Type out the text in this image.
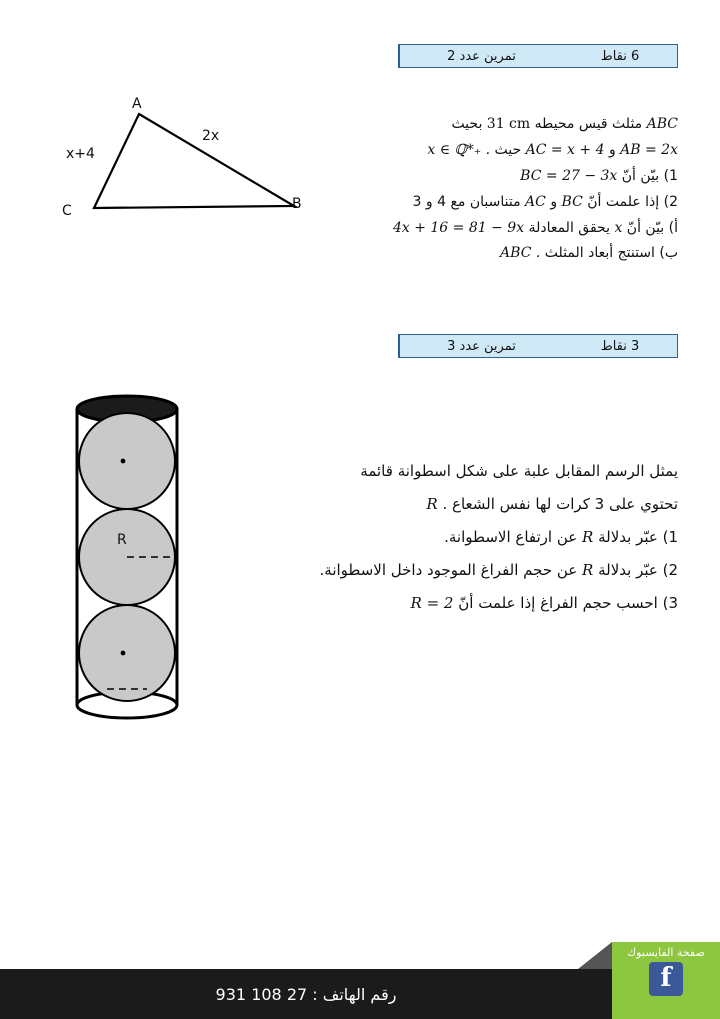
تمرين عدد 2	6 نقاط
A
B
C
x+4
2x
ABC مثلث قيس محيطه 31 cm بحيث
AB = 2x و AC = x + 4 حيث x ∈ ℚ*₊ .
1) بيّن أنّ BC = 27 − 3x
2) إذا علمت أنّ BC و AC متناسبان مع 4 و 3
أ) بيّن أنّ x يحقق المعادلة 4x + 16 = 81 − 9x
ب) استنتج أبعاد المثلث ABC .
تمرين عدد 3	3 نقاط
R
يمثل الرسم المقابل علبة على شكل اسطوانة قائمة
تحتوي على 3 كرات لها نفس الشعاع R .
1) عبّر بدلالة R عن ارتفاع الاسطوانة.
2) عبّر بدلالة R عن حجم الفراغ الموجود داخل الاسطوانة.
3) احسب حجم الفراغ إذا علمت أنّ R = 2
رقم الهاتف : 27 108 931
صفحة الفايسبوك
f
